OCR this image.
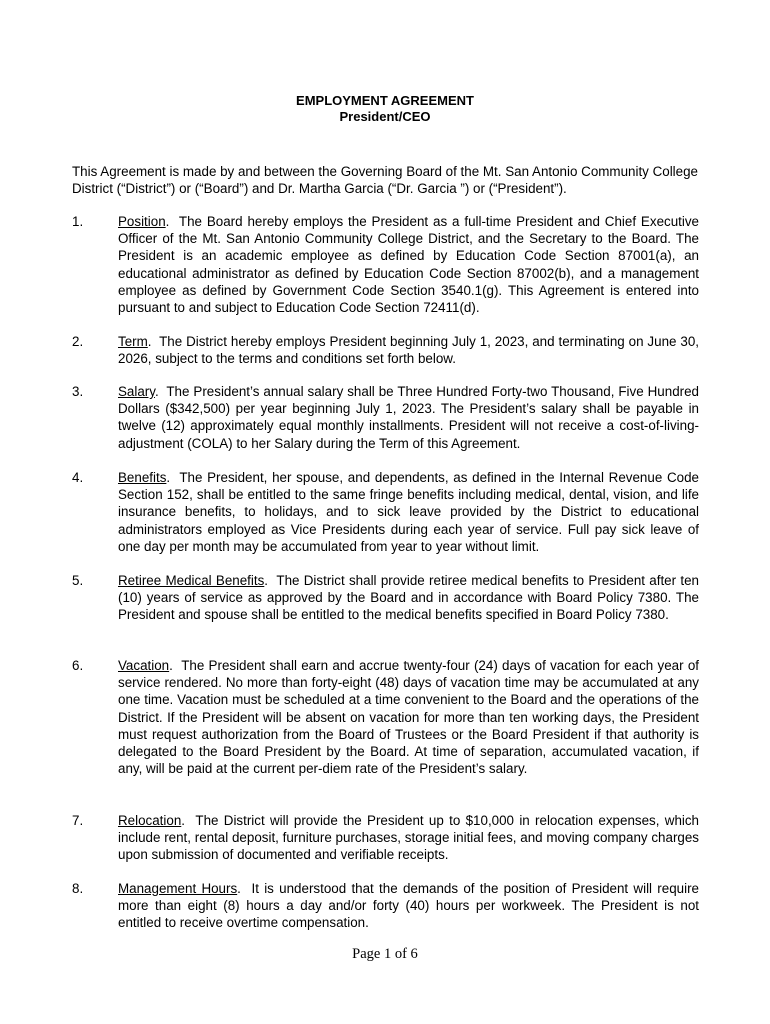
EMPLOYMENT AGREEMENT
President/CEO
This Agreement is made by and between the Governing Board of the Mt. San Antonio Community College District (“District”) or (“Board”) and Dr. Martha Garcia (“Dr. Garcia ”) or (“President”).
1.	Position.  The Board hereby employs the President as a full-time President and Chief Executive Officer of the Mt. San Antonio Community College District, and the Secretary to the Board. The President is an academic employee as defined by Education Code Section 87001(a), an educational administrator as defined by Education Code Section 87002(b), and a management employee as defined by Government Code Section 3540.1(g). This Agreement is entered into pursuant to and subject to Education Code Section 72411(d).
2.	Term.  The District hereby employs President beginning July 1, 2023, and terminating on June 30, 2026, subject to the terms and conditions set forth below.
3.	Salary.  The President’s annual salary shall be Three Hundred Forty-two Thousand, Five Hundred Dollars ($342,500) per year beginning July 1, 2023. The President’s salary shall be payable in twelve (12) approximately equal monthly installments. President will not receive a cost-of-living-adjustment (COLA) to her Salary during the Term of this Agreement.
4.	Benefits.  The President, her spouse, and dependents, as defined in the Internal Revenue Code Section 152, shall be entitled to the same fringe benefits including medical, dental, vision, and life insurance benefits, to holidays, and to sick leave provided by the District to educational administrators employed as Vice Presidents during each year of service. Full pay sick leave of one day per month may be accumulated from year to year without limit.
5.	Retiree Medical Benefits.  The District shall provide retiree medical benefits to President after ten (10) years of service as approved by the Board and in accordance with Board Policy 7380. The President and spouse shall be entitled to the medical benefits specified in Board Policy 7380.
6.	Vacation.  The President shall earn and accrue twenty-four (24) days of vacation for each year of service rendered. No more than forty-eight (48) days of vacation time may be accumulated at any one time. Vacation must be scheduled at a time convenient to the Board and the operations of the District. If the President will be absent on vacation for more than ten working days, the President must request authorization from the Board of Trustees or the Board President if that authority is delegated to the Board President by the Board. At time of separation, accumulated vacation, if any, will be paid at the current per-diem rate of the President’s salary.
7.	Relocation.  The District will provide the President up to $10,000 in relocation expenses, which include rent, rental deposit, furniture purchases, storage initial fees, and moving company charges upon submission of documented and verifiable receipts.
8.	Management Hours.  It is understood that the demands of the position of President will require more than eight (8) hours a day and/or forty (40) hours per workweek. The President is not entitled to receive overtime compensation.
Page 1 of 6
